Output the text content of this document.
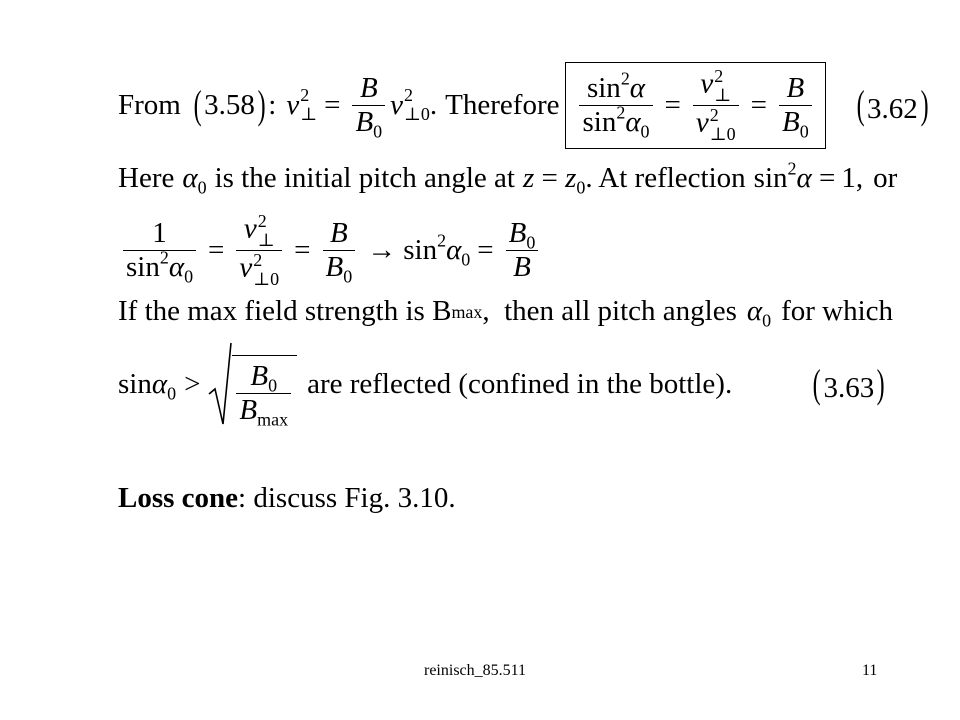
From ( 3.58 ) : v 2
⊥ = $\frac{B}{B_0}$ v 2
⊥0 . Therefore $\frac{\sin^2\alpha}{\sin^2\alpha_0} = v$ 2
⊥
v 2
⊥0 = $\frac{B}{B_0} (3.62)$
Here $\alpha_0$ is the initial pitch angle at $z = z_0$ . At reflection $\sin^2\alpha = 1$, or
$\frac{1}{\sin^2\alpha_0} = v$ 2
⊥
v 2
⊥0 = $\frac{B}{B_0} \to \sin^2\alpha_0 = \frac{B_0}{B}$
If the max field strength is B max ,  then all pitch angles $\alpha_0$ for which
$\sin\alpha_0 > \frac{B_0}{B_{max}}$ are reflected (confined in the bottle). (3.63)
Loss cone : discuss Fig. 3.10.
reinisch_85.511	11
